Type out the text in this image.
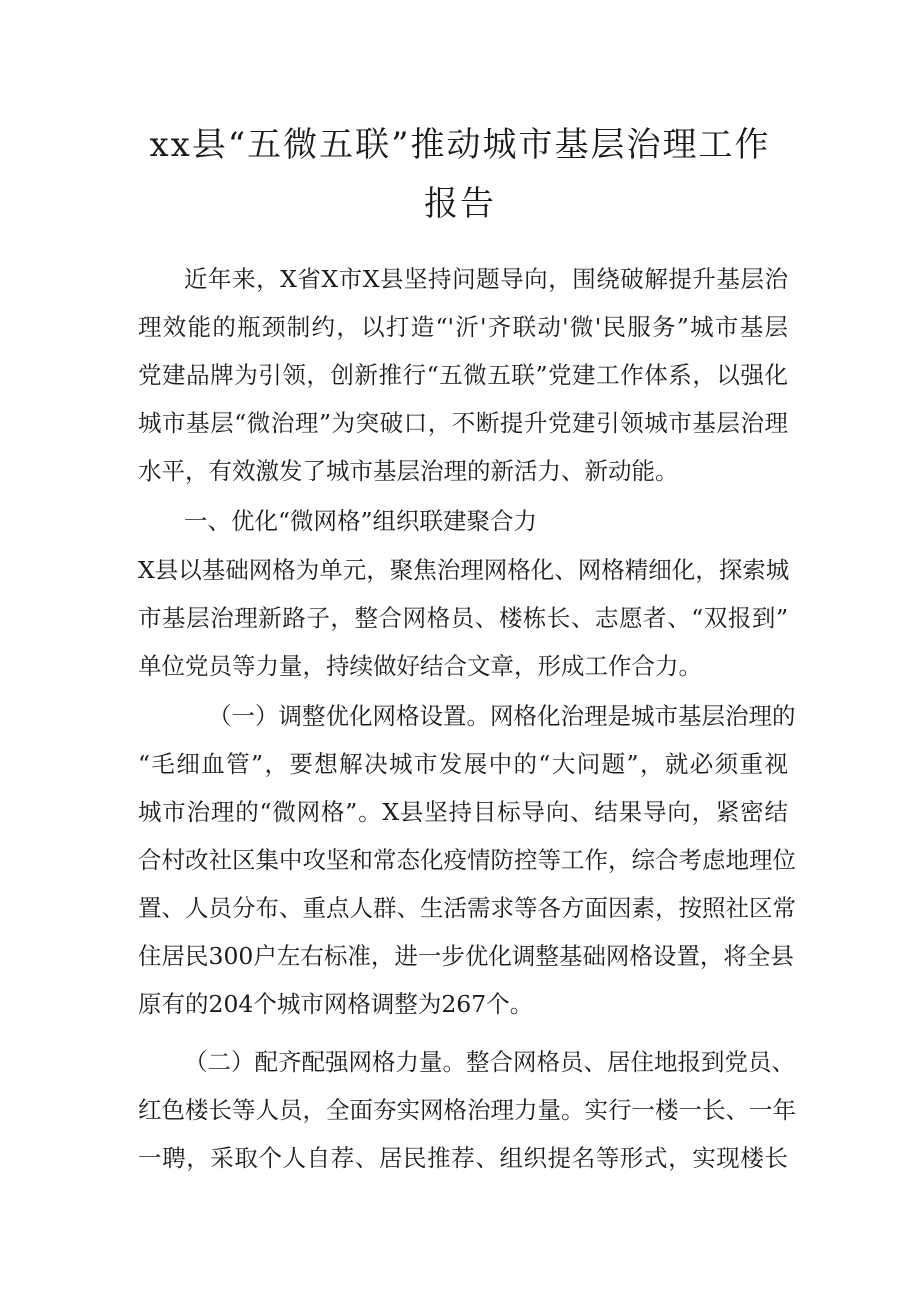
xx县“五微五联”推动城市基层治理工作
报告
近年来，X省X市X县坚持问题导向，围绕破解提升基层治
理效能的瓶颈制约，以打造“'沂'齐联动'微'民服务”城市基层
党建品牌为引领，创新推行“五微五联”党建工作体系，以强化
城市基层“微治理”为突破口，不断提升党建引领城市基层治理
水平，有效激发了城市基层治理的新活力、新动能。
一、优化“微网格”组织联建聚合力
X县以基础网格为单元，聚焦治理网格化、网格精细化，探索城
市基层治理新路子，整合网格员、楼栋长、志愿者、“双报到”
单位党员等力量，持续做好结合文章，形成工作合力。
（一）调整优化网格设置。网格化治理是城市基层治理的
“毛细血管”，要想解决城市发展中的“大问题”，就必须重视
城市治理的“微网格”。X县坚持目标导向、结果导向，紧密结
合村改社区集中攻坚和常态化疫情防控等工作，综合考虑地理位
置、人员分布、重点人群、生活需求等各方面因素，按照社区常
住居民300户左右标准，进一步优化调整基础网格设置，将全县
原有的204个城市网格调整为267个。
（二）配齐配强网格力量。整合网格员、居住地报到党员、
红色楼长等人员，全面夯实网格治理力量。实行一楼一长、一年
一聘，采取个人自荐、居民推荐、组织提名等形式，实现楼长
